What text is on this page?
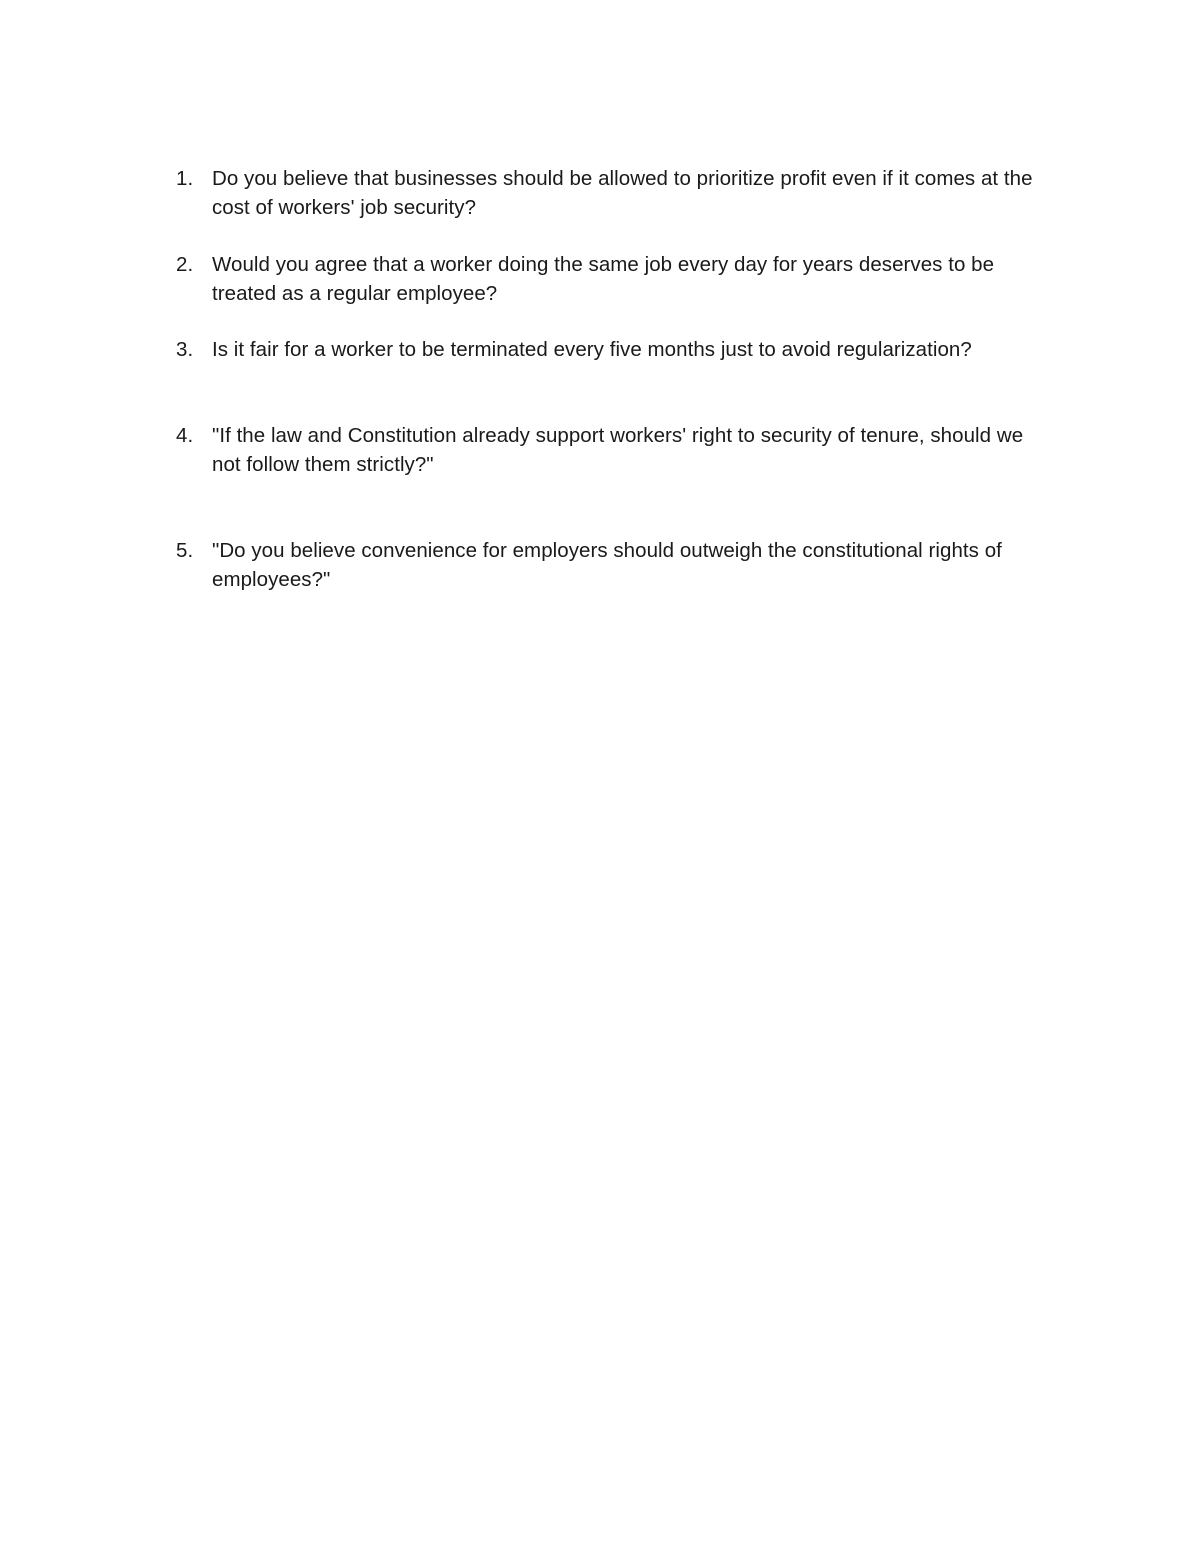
1. Do you believe that businesses should be allowed to prioritize profit even if it comes at the cost of workers' job security?
2. Would you agree that a worker doing the same job every day for years deserves to be treated as a regular employee?
3. Is it fair for a worker to be terminated every five months just to avoid regularization?
4. "If the law and Constitution already support workers' right to security of tenure, should we not follow them strictly?"
5. "Do you believe convenience for employers should outweigh the constitutional rights of employees?"
